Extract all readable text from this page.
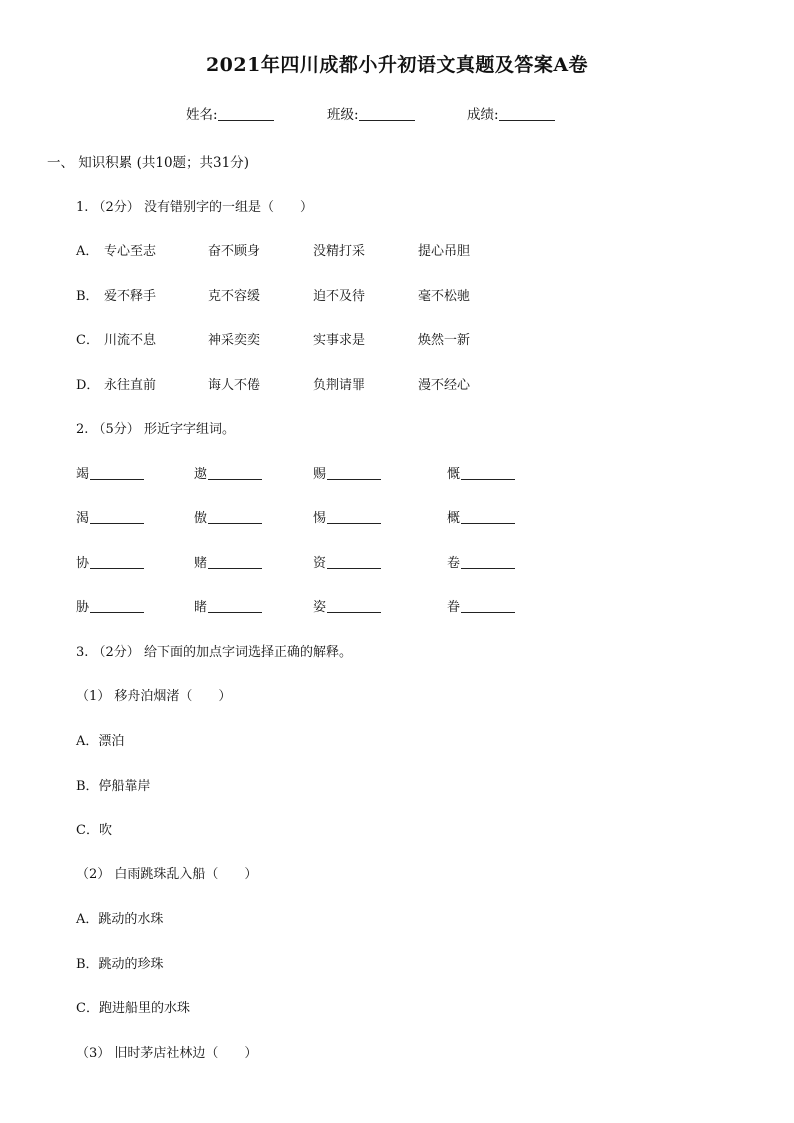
2021年四川成都小升初语文真题及答案A卷
姓名:	班级:	成绩:
一、 知识积累 (共10题；共31分)
1. （2分） 没有错别字的一组是（　　）
A． 专心至志	奋不顾身	没精打采	提心吊胆
B． 爱不释手	克不容缓	迫不及待	毫不松驰
C． 川流不息	神采奕奕	实事求是	焕然一新
D． 永往直前	诲人不倦	负荆请罪	漫不经心
2. （5分） 形近字字组词。
竭	遨	赐	慨
渴	傲	惕	概
协	赌	资	卷
胁	睹	姿	眷
3. （2分） 给下面的加点字词选择正确的解释。
（1） 移舟泊烟渚（　　）
A．漂泊
B．停船靠岸
C．吹
（2） 白雨跳珠乱入船（　　）
A．跳动的水珠
B．跳动的珍珠
C．跑进船里的水珠
（3） 旧时茅店社林边（　　）
